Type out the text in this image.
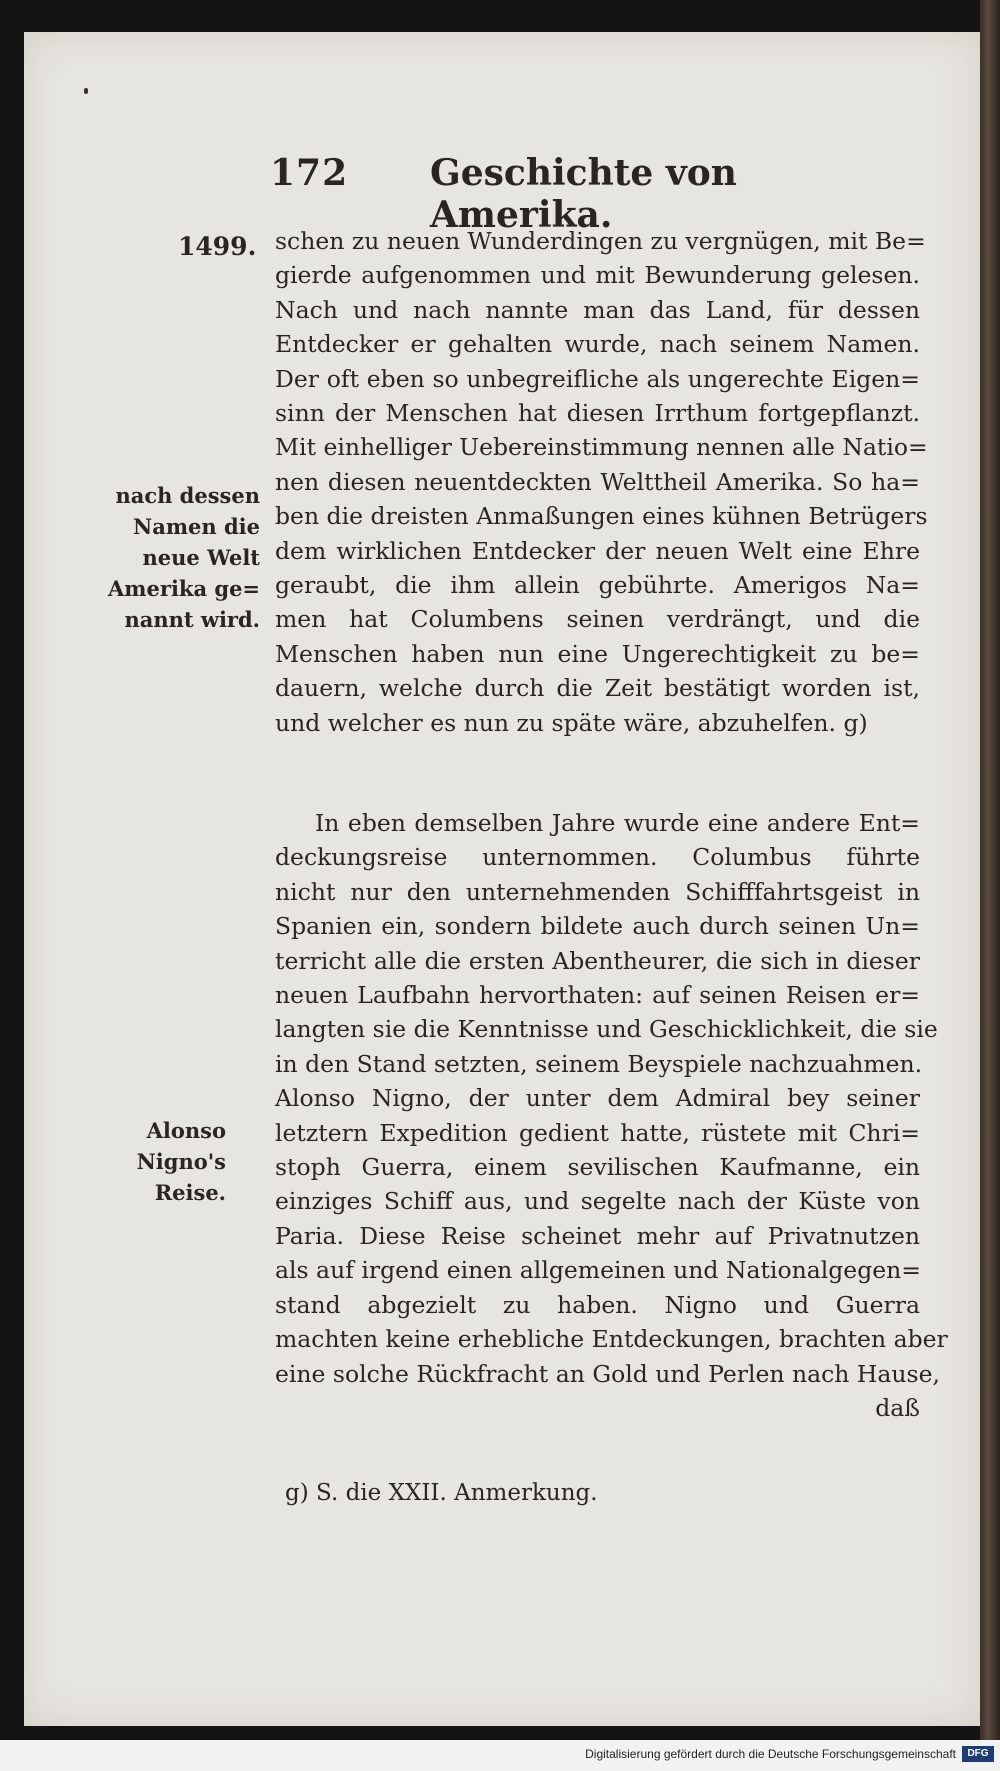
172 Geschichte von Amerika.
1499.
nach dessen
Namen die
neue Welt
Amerika ge=
nannt wird.
Alonso
Nigno's
Reise.
schen zu neuen Wunderdingen zu vergnügen, mit Be=
gierde aufgenommen und mit Bewunderung gelesen.
Nach und nach nannte man das Land, für dessen
Entdecker er gehalten wurde, nach seinem Namen.
Der oft eben so unbegreifliche als ungerechte Eigen=
sinn der Menschen hat diesen Irrthum fortgepflanzt.
Mit einhelliger Uebereinstimmung nennen alle Natio=
nen diesen neuentdeckten Welttheil Amerika. So ha=
ben die dreisten Anmaßungen eines kühnen Betrügers
dem wirklichen Entdecker der neuen Welt eine Ehre
geraubt, die ihm allein gebührte. Amerigos Na=
men hat Columbens seinen verdrängt, und die
Menschen haben nun eine Ungerechtigkeit zu be=
dauern, welche durch die Zeit bestätigt worden ist,
und welcher es nun zu späte wäre, abzuhelfen. g)
In eben demselben Jahre wurde eine andere Ent=
deckungsreise unternommen. Columbus führte
nicht nur den unternehmenden Schifffahrtsgeist in
Spanien ein, sondern bildete auch durch seinen Un=
terricht alle die ersten Abentheurer, die sich in dieser
neuen Laufbahn hervorthaten: auf seinen Reisen er=
langten sie die Kenntnisse und Geschicklichkeit, die sie
in den Stand setzten, seinem Beyspiele nachzuahmen.
Alonso Nigno, der unter dem Admiral bey seiner
letztern Expedition gedient hatte, rüstete mit Chri=
stoph Guerra, einem sevilischen Kaufmanne, ein
einziges Schiff aus, und segelte nach der Küste von
Paria. Diese Reise scheinet mehr auf Privatnutzen
als auf irgend einen allgemeinen und Nationalgegen=
stand abgezielt zu haben. Nigno und Guerra
machten keine erhebliche Entdeckungen, brachten aber
eine solche Rückfracht an Gold und Perlen nach Hause,
daß
g) S. die XXII. Anmerkung.
Digitalisierung gefördert durch die Deutsche Forschungsgemeinschaft	DFG
